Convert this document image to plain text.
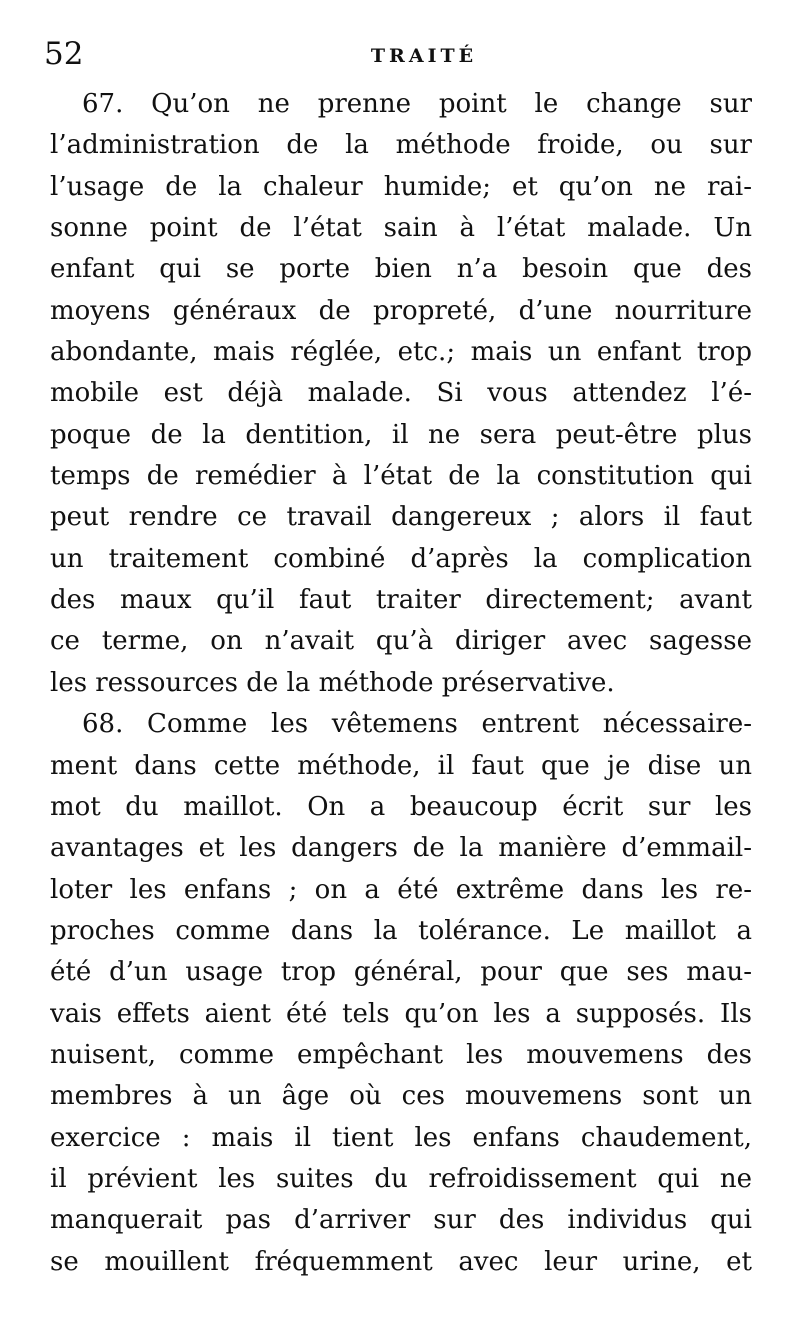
52	TRAITÉ
67. Qu’on ne prenne point le change sur
l’administration de la méthode froide, ou sur
l’usage de la chaleur humide; et qu’on ne rai-
sonne point de l’état sain à l’état malade. Un
enfant qui se porte bien n’a besoin que des
moyens généraux de propreté, d’une nourriture
abondante, mais réglée, etc.; mais un enfant trop
mobile est déjà malade. Si vous attendez l’é-
poque de la dentition, il ne sera peut-être plus
temps de remédier à l’état de la constitution qui
peut rendre ce travail dangereux ; alors il faut
un traitement combiné d’après la complication
des maux qu’il faut traiter directement; avant
ce terme, on n’avait qu’à diriger avec sagesse
les ressources de la méthode préservative.
68. Comme les vêtemens entrent nécessaire-
ment dans cette méthode, il faut que je dise un
mot du maillot. On a beaucoup écrit sur les
avantages et les dangers de la manière d’emmail-
loter les enfans ; on a été extrême dans les re-
proches comme dans la tolérance. Le maillot a
été d’un usage trop général, pour que ses mau-
vais effets aient été tels qu’on les a supposés. Ils
nuisent, comme empêchant les mouvemens des
membres à un âge où ces mouvemens sont un
exercice : mais il tient les enfans chaudement,
il prévient les suites du refroidissement qui ne
manquerait pas d’arriver sur des individus qui
se mouillent fréquemment avec leur urine, et
